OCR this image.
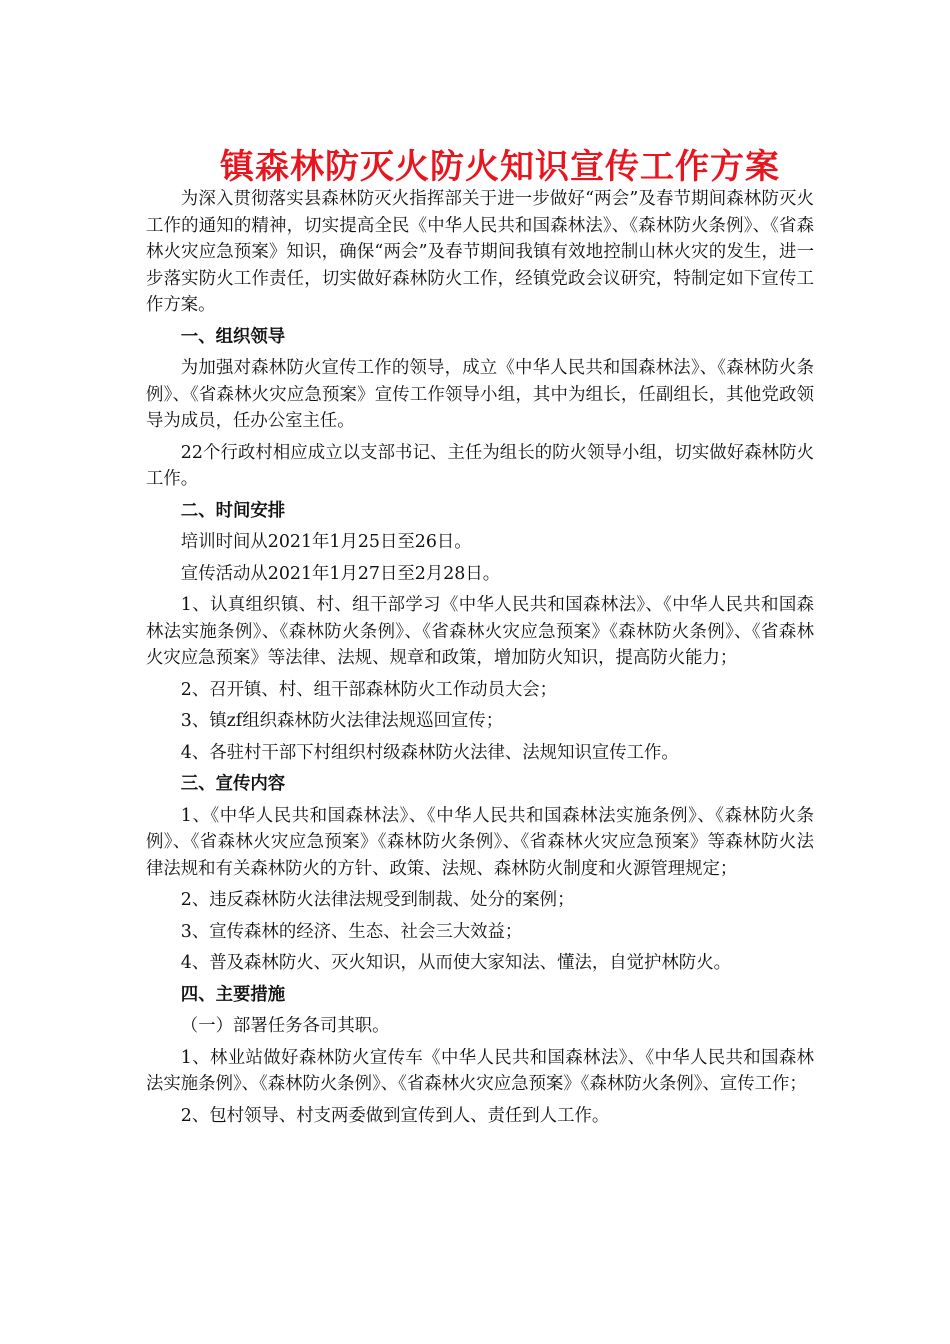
镇森林防灭火防火知识宣传工作方案

为深入贯彻落实县森林防灭火指挥部关于进一步做好“两会”及春节期间森林防灭火工作的通知的精神，切实提高全民《中华人民共和国森林法》、《森林防火条例》、《省森林火灾应急预案》知识，确保“两会”及春节期间我镇有效地控制山林火灾的发生，进一步落实防火工作责任，切实做好森林防火工作，经镇党政会议研究，特制定如下宣传工作方案。

一、组织领导

为加强对森林防火宣传工作的领导，成立《中华人民共和国森林法》、《森林防火条例》、《省森林火灾应急预案》宣传工作领导小组，其中为组长，任副组长，其他党政领导为成员，任办公室主任。

22个行政村相应成立以支部书记、主任为组长的防火领导小组，切实做好森林防火工作。

二、时间安排

培训时间从2021年1月25日至26日。

宣传活动从2021年1月27日至2月28日。

1、认真组织镇、村、组干部学习《中华人民共和国森林法》、《中华人民共和国森林法实施条例》、《森林防火条例》、《省森林火灾应急预案》《森林防火条例》、《省森林火灾应急预案》等法律、法规、规章和政策，增加防火知识，提高防火能力；

2、召开镇、村、组干部森林防火工作动员大会；

3、镇zf组织森林防火法律法规巡回宣传；

4、各驻村干部下村组织村级森林防火法律、法规知识宣传工作。

三、宣传内容

1、《中华人民共和国森林法》、《中华人民共和国森林法实施条例》、《森林防火条例》、《省森林火灾应急预案》《森林防火条例》、《省森林火灾应急预案》等森林防火法律法规和有关森林防火的方针、政策、法规、森林防火制度和火源管理规定；

2、违反森林防火法律法规受到制裁、处分的案例；

3、宣传森林的经济、生态、社会三大效益；

4、普及森林防火、灭火知识，从而使大家知法、懂法，自觉护林防火。

四、主要措施

（一）部署任务各司其职。

1、林业站做好森林防火宣传车《中华人民共和国森林法》、《中华人民共和国森林法实施条例》、《森林防火条例》、《省森林火灾应急预案》《森林防火条例》、宣传工作；

2、包村领导、村支两委做到宣传到人、责任到人工作。
